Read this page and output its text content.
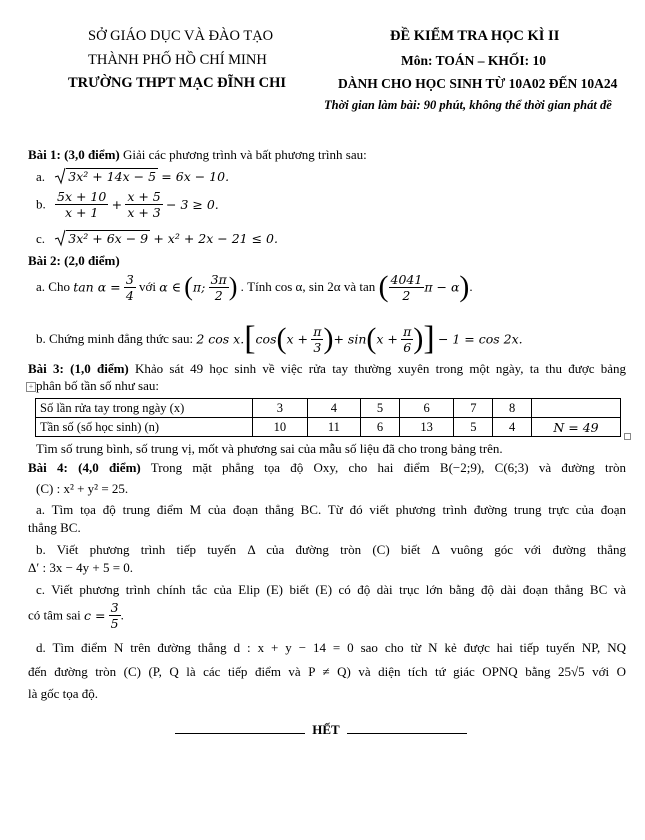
SỞ GIÁO DỤC VÀ ĐÀO TẠO
THÀNH PHỐ HỒ CHÍ MINH
TRƯỜNG THPT MẠC ĐĨNH CHI
ĐỀ KIỂM TRA HỌC KÌ II
Môn: TOÁN – KHỐI: 10
DÀNH CHO HỌC SINH TỪ 10A02 ĐẾN 10A24
Thời gian làm bài: 90 phút, không thể thời gian phát đề
Bài 1: (3,0 điểm) Giải các phương trình và bất phương trình sau:
a. 3x² + 14x − 5 = 6x − 10.
b. $\frac{5x + 10}{x + 1} + \frac{x + 5}{x + 3} - 3 \ge 0$.
c. 3x² + 6x − 9 + x² + 2x − 21 ≤ 0.
Bài 2: (2,0 điểm)
a. Cho $\tan \alpha = \frac{3}{4}$ với α ∈ (π; $\frac{3\pi}{2}$ ) . Tính cos α, sin 2α và tan ( $\frac{4041}{2}$ π − α).
b. Chứng minh đẳng thức sau: 2 $\cos x.[\cos(x + \frac{\pi}{3}$ )+ $\sin(x + \frac{\pi}{6}$ )] − 1 = cos 2x.
Bài 3: (1,0 điểm) Khảo sát 49 học sinh về việc rửa tay thường xuyên trong một ngày, ta thu được bảng
+ phân bố tần số như sau:
Số lần rửa tay trong ngày (x)	3	4	5	6	7	8	
Tần số (số học sinh) (n)	10	11	6	13	5	4	N = 49
Tìm số trung bình, số trung vị, mốt và phương sai của mẫu số liệu đã cho trong bảng trên.
Bài 4: (4,0 điểm) Trong mặt phẳng tọa độ Oxy, cho hai điểm B(−2;9), C(6;3) và đường tròn
(C) : x² + y² = 25.
a. Tìm tọa độ trung điểm M của đoạn thẳng BC. Từ đó viết phương trình đường trung trực của đoạn
thẳng BC.
b. Viết phương trình tiếp tuyến Δ của đường tròn (C) biết Δ vuông góc với đường thẳng
Δ′ : 3x − 4y + 5 = 0.
c. Viết phương trình chính tắc của Elip (E) biết (E) có độ dài trục lớn bằng độ dài đoạn thẳng BC và
có tâm sai $c = \frac{3}{5}$ .
d. Tìm điểm N trên đường thẳng d : x + y − 14 = 0 sao cho từ N kẻ được hai tiếp tuyến NP, NQ
đến đường tròn (C) (P, Q là các tiếp điểm và P ≠ Q) và diện tích tứ giác OPNQ bằng 25√5 với O
là gốc tọa độ.
HẾT
